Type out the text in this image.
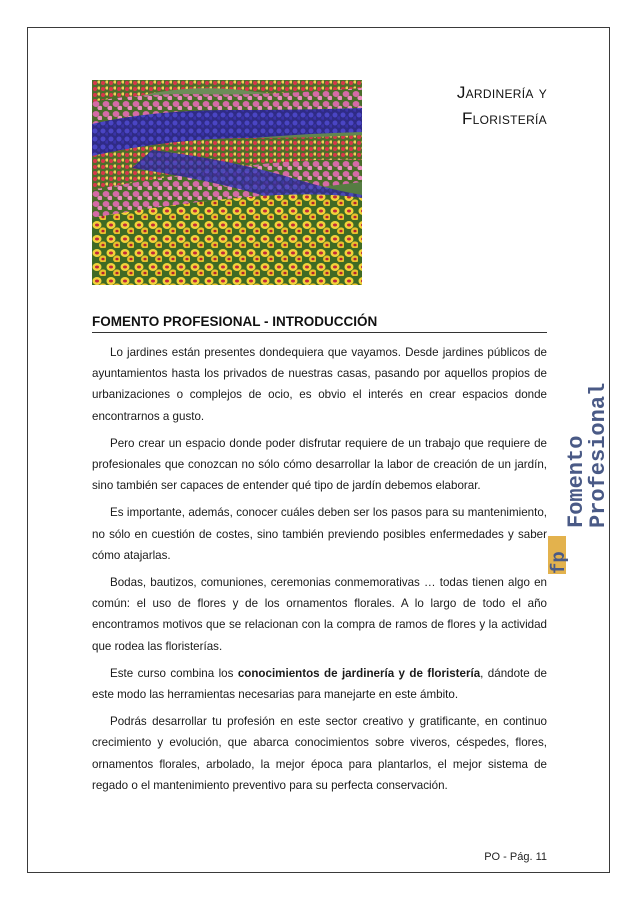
Jardinería y
Floristería
FOMENTO PROFESIONAL - INTRODUCCIÓN

Lo jardines están presentes dondequiera que vayamos. Desde jardines públicos de ayuntamientos hasta los privados de nuestras casas, pasando por aquellos propios de urbanizaciones o complejos de ocio, es obvio el interés en crear espacios donde encontrarnos a gusto.

Pero crear un espacio donde poder disfrutar requiere de un trabajo que requiere de profesionales que conozcan no sólo cómo desarrollar la labor de creación de un jardín, sino también ser capaces de entender qué tipo de jardín debemos elaborar.

Es importante, además, conocer cuáles deben ser los pasos para su mantenimiento, no sólo en cuestión de costes, sino también previendo posibles enfermedades y saber cómo atajarlas.

Bodas, bautizos, comuniones, ceremonias conmemorativas … todas tienen algo en común: el uso de flores y de los ornamentos florales. A lo largo de todo el año encontramos motivos que se relacionan con la compra de ramos de flores y la actividad que rodea las floristerías.

Este curso combina los conocimientos de jardinería y de floristería, dándote de este modo las herramientas necesarias para manejarte en este ámbito.

Podrás desarrollar tu profesión en este sector creativo y gratificante, en continuo crecimiento y evolución, que abarca conocimientos sobre viveros, céspedes, flores, ornamentos florales, arbolado, la mejor época para plantarlos, el mejor sistema de regado o el mantenimiento preventivo para su perfecta conservación.

fp
Fomento
Profesional
PO - Pág. 11
